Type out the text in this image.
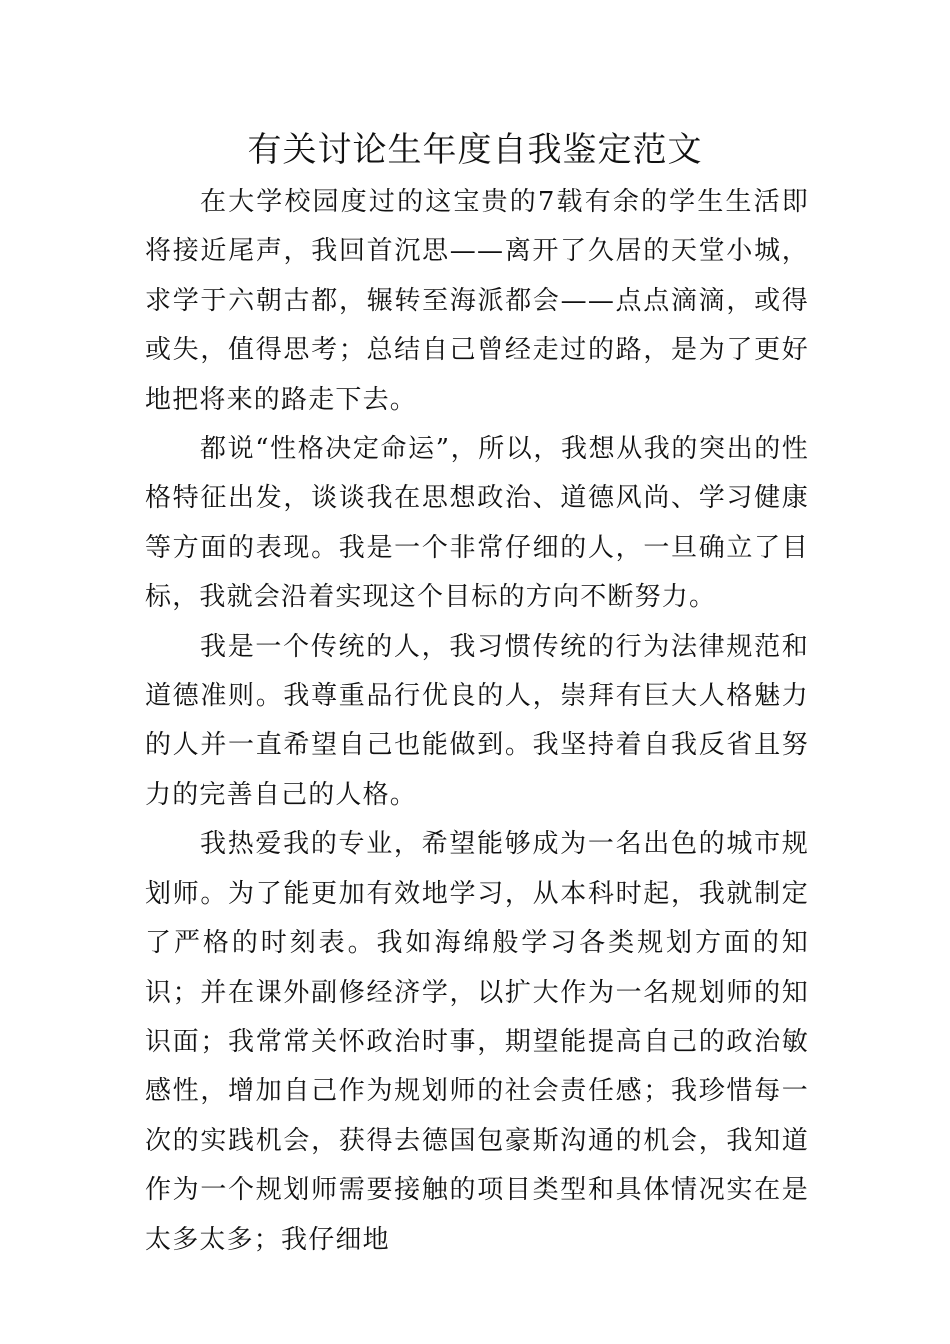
有关讨论生年度自我鉴定范文

在大学校园度过的这宝贵的7载有余的学生生活即将接近尾声，我回首沉思——离开了久居的天堂小城，求学于六朝古都，辗转至海派都会——点点滴滴，或得或失，值得思考；总结自己曾经走过的路，是为了更好地把将来的路走下去。

都说“性格决定命运”，所以，我想从我的突出的性格特征出发，谈谈我在思想政治、道德风尚、学习健康等方面的表现。我是一个非常仔细的人，一旦确立了目标，我就会沿着实现这个目标的方向不断努力。

我是一个传统的人，我习惯传统的行为法律规范和道德准则。我尊重品行优良的人，崇拜有巨大人格魅力的人并一直希望自己也能做到。我坚持着自我反省且努力的完善自己的人格。

我热爱我的专业，希望能够成为一名出色的城市规划师。为了能更加有效地学习，从本科时起，我就制定了严格的时刻表。我如海绵般学习各类规划方面的知识；并在课外副修经济学，以扩大作为一名规划师的知识面；我常常关怀政治时事，期望能提高自己的政治敏感性，增加自己作为规划师的社会责任感；我珍惜每一次的实践机会，获得去德国包豪斯沟通的机会，我知道作为一个规划师需要接触的项目类型和具体情况实在是太多太多；我仔细地
